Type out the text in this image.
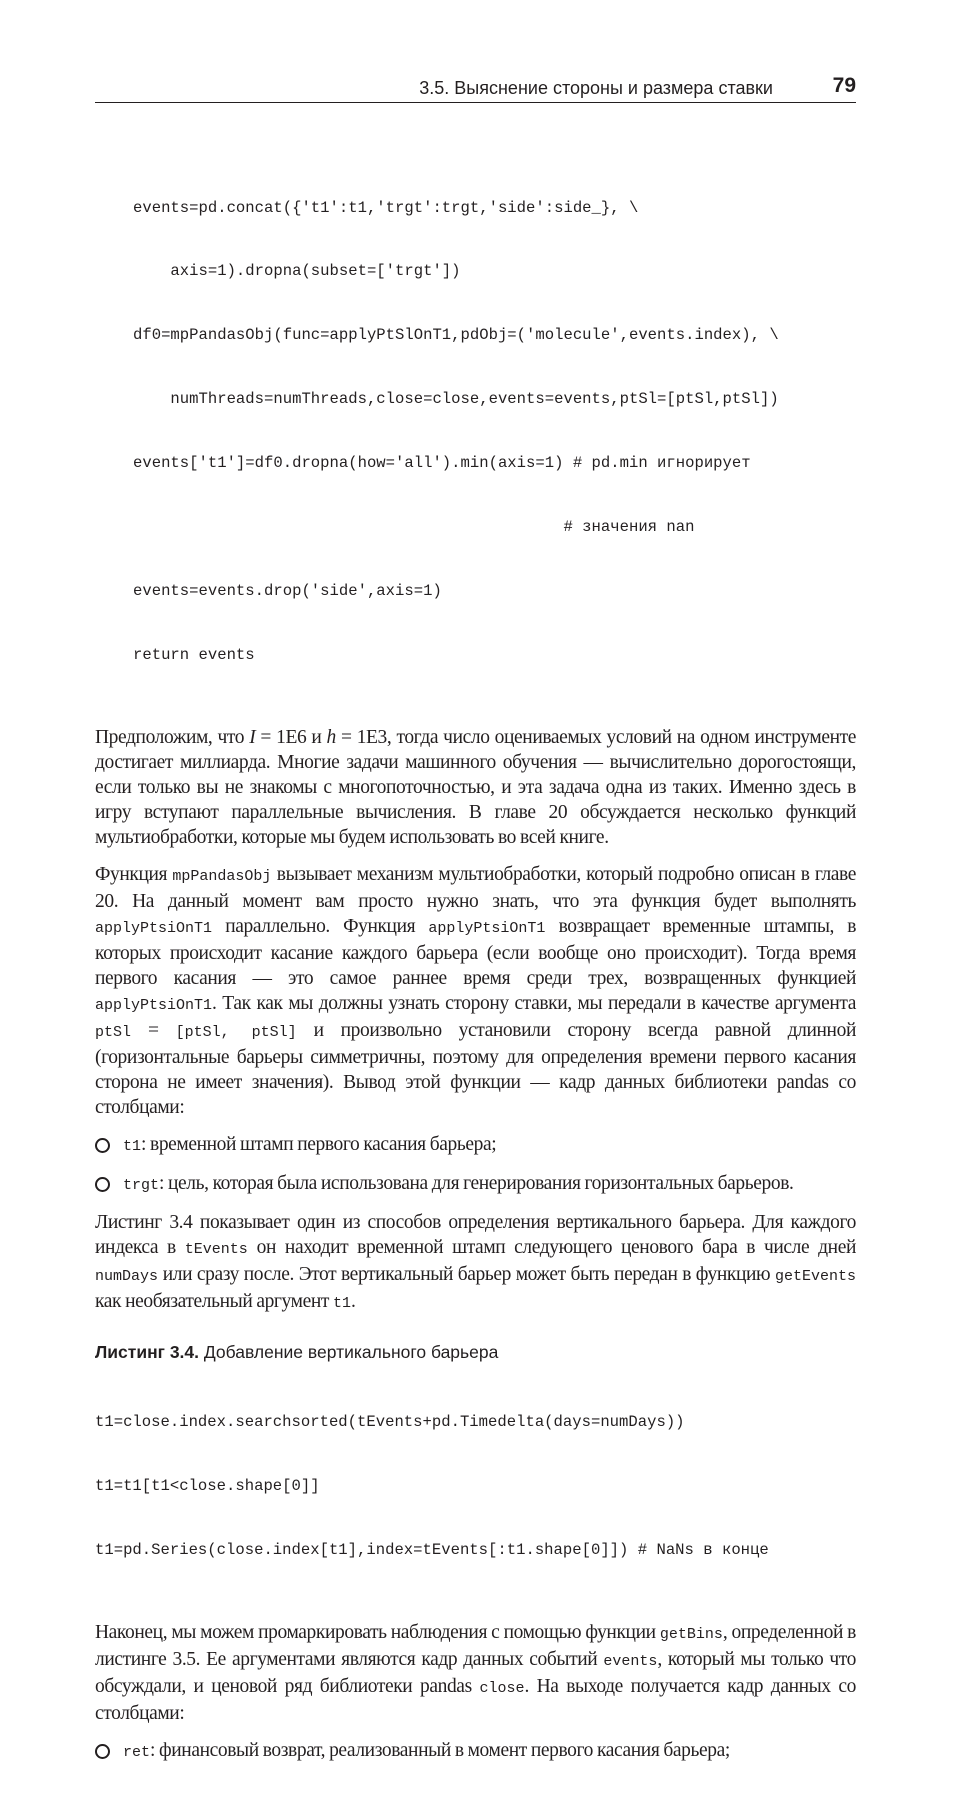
3.5. Выяснение стороны и размера ставки	79

events=pd.concat({'t1':t1,'trgt':trgt,'side':side_}, \

axis=1).dropna(subset=['trgt'])

df0=mpPandasObj(func=applyPtSlOnT1,pdObj=('molecule',events.index), \

numThreads=numThreads,close=close,events=events,ptSl=[ptSl,ptSl])

events['t1']=df0.dropna(how='all').min(axis=1) # pd.min игнорирует

# значения nan

events=events.drop('side',axis=1)

return events

Предположим, что I = 1E6 и h = 1E3, тогда число оцениваемых условий на одном инструменте достигает миллиарда. Многие задачи машинного обучения — вычислительно дорогостоящи, если только вы не знакомы с многопоточностью, и эта задача одна из таких. Именно здесь в игру вступают параллельные вычисления. В главе 20 обсуждается несколько функций мультиобработки, которые мы будем использовать во всей книге.

Функция mpPandasObj вызывает механизм мультиобработки, который подробно описан в главе 20. На данный момент вам просто нужно знать, что эта функция будет выполнять applyPtsiOnT1 параллельно. Функция applyPtsiOnT1 возвращает временные штампы, в которых происходит касание каждого барьера (если вообще оно происходит). Тогда время первого касания — это самое раннее время среди трех, возвращенных функцией applyPtsiOnT1. Так как мы должны узнать сторону ставки, мы передали в качестве аргумента ptSl = [ptSl, ptSl] и произвольно установили сторону всегда равной длинной (горизонтальные барьеры симметричны, поэтому для определения времени первого касания сторона не имеет значения). Вывод этой функции — кадр данных библиотеки pandas со столбцами:

t1: временной штамп первого касания барьера;
trgt: цель, которая была использована для генерирования горизонтальных барьеров.

Листинг 3.4 показывает один из способов определения вертикального барьера. Для каждого индекса в tEvents он находит временной штамп следующего ценового бара в числе дней numDays или сразу после. Этот вертикальный барьер может быть передан в функцию getEvents как необязательный аргумент t1.

Листинг 3.4. Добавление вертикального барьера

t1=close.index.searchsorted(tEvents+pd.Timedelta(days=numDays))

t1=t1[t1<close.shape[0]]

t1=pd.Series(close.index[t1],index=tEvents[:t1.shape[0]]) # NaNs в конце

Наконец, мы можем промаркировать наблюдения с помощью функции getBins, определенной в листинге 3.5. Ее аргументами являются кадр данных событий events, который мы только что обсуждали, и ценовой ряд библиотеки pandas close. На выходе получается кадр данных со столбцами:

ret: финансовый возврат, реализованный в момент первого касания барьера;
